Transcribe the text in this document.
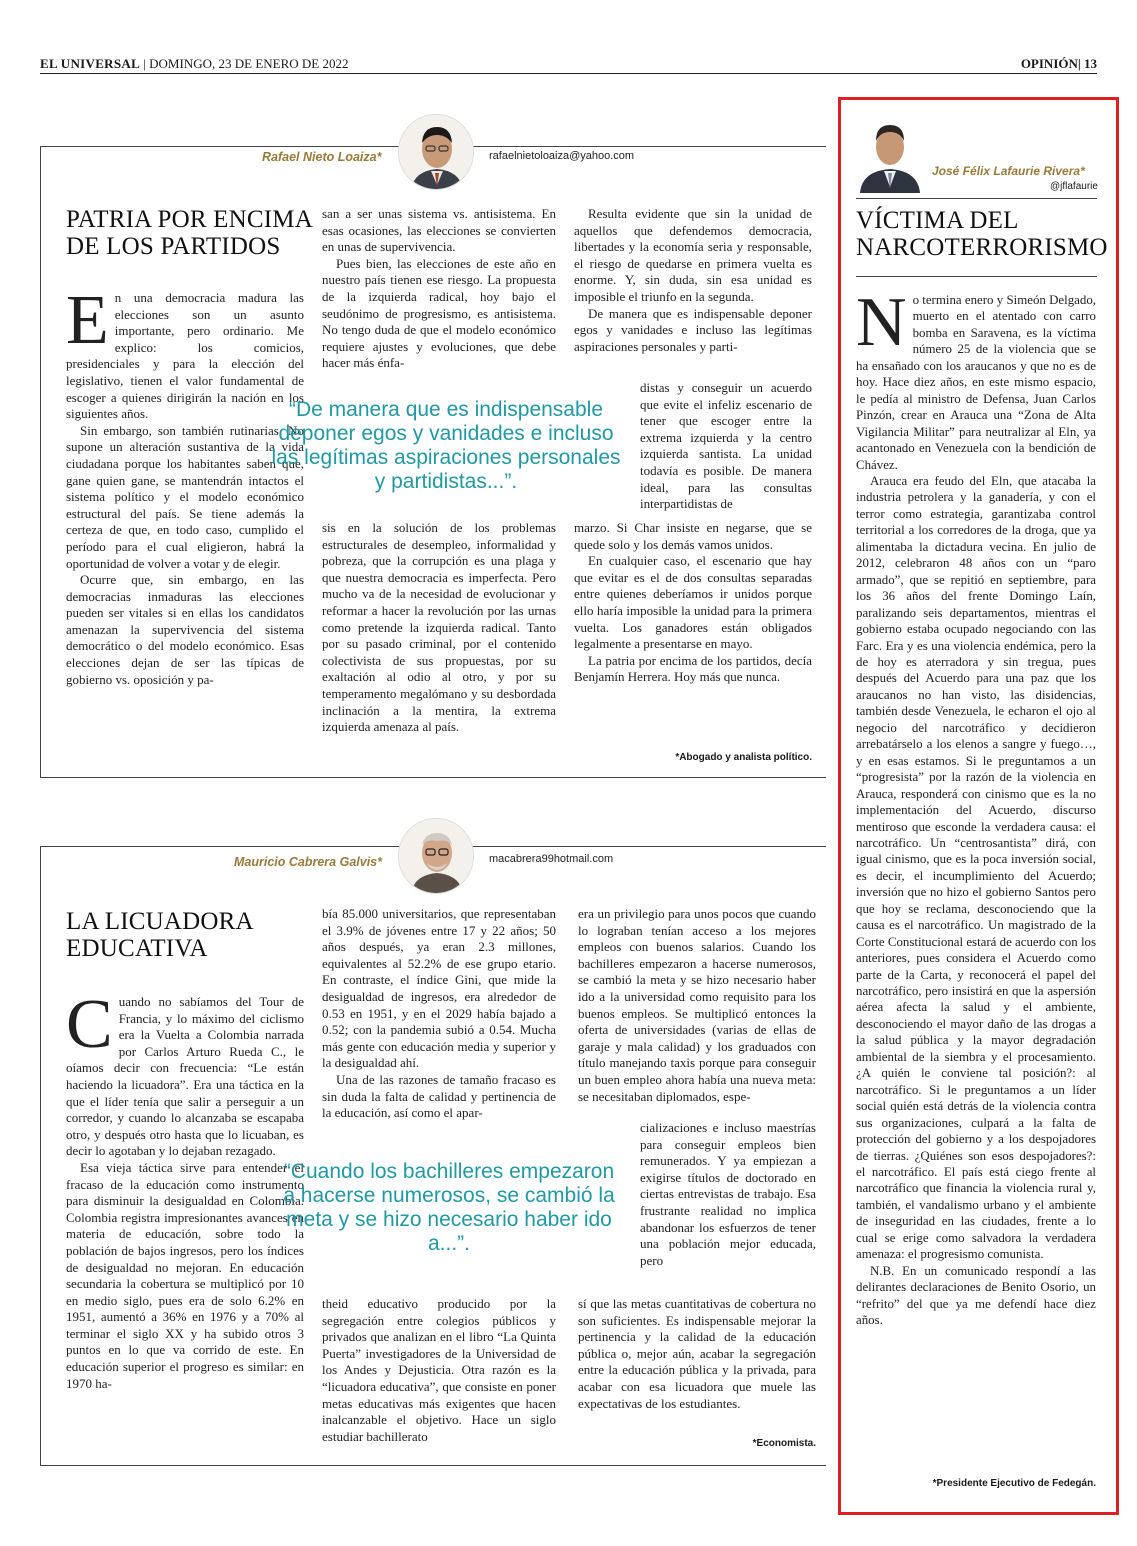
EL UNIVERSAL | DOMINGO, 23 DE ENERO DE 2022	OPINIÓN| 13
Rafael Nieto Loaiza*	rafaelnietoloaiza@yahoo.com
PATRIA POR ENCIMA
DE LOS PARTIDOS

En una democracia madura las elecciones son un asunto importante, pero ordinario. Me explico: los comicios, presidenciales y para la elección del legislativo, tienen el valor fundamental de escoger a quienes dirigirán la nación en los siguientes años.

Sin embargo, son también rutinarias. No supone un alteración sustantiva de la vida ciudadana porque los habitantes saben que, gane quien gane, se mantendrán intactos el sistema político y el modelo económico estructural del país. Se tiene además la certeza de que, en todo caso, cumplido el período para el cual eligieron, habrá la oportunidad de volver a votar y de elegir.

Ocurre que, sin embargo, en las democracias inmaduras las elecciones pueden ser vitales si en ellas los candidatos amenazan la supervivencia del sistema democrático o del modelo económico. Esas elecciones dejan de ser las típicas de gobierno vs. oposición y pa-

san a ser unas sistema vs. antisistema. En esas ocasiones, las elecciones se convierten en unas de supervivencia.

Pues bien, las elecciones de este año en nuestro país tienen ese riesgo. La propuesta de la izquierda radical, hoy bajo el seudónimo de progresismo, es antisistema. No tengo duda de que el modelo económico requiere ajustes y evoluciones, que debe hacer más énfa-

“De manera que es indispensable deponer egos y vanidades e incluso las legítimas aspiraciones personales y partidistas...”.

sis en la solución de los problemas estructurales de desempleo, informalidad y pobreza, que la corrupción es una plaga y que nuestra democracia es imperfecta. Pero mucho va de la necesidad de evolucionar y reformar a hacer la revolución por las urnas como pretende la izquierda radical. Tanto por su pasado criminal, por el contenido colectivista de sus propuestas, por su exaltación al odio al otro, y por su temperamento megalómano y su desbordada inclinación a la mentira, la extrema izquierda amenaza al país.

Resulta evidente que sin la unidad de aquellos que defendemos democracia, libertades y la economía seria y responsable, el riesgo de quedarse en primera vuelta es enorme. Y, sin duda, sin esa unidad es imposible el triunfo en la segunda.

De manera que es indispensable deponer egos y vanidades e incluso las legítimas aspiraciones personales y parti-

distas y conseguir un acuerdo que evite el infeliz escenario de tener que escoger entre la extrema izquierda y la centro izquierda santista. La unidad todavía es posible. De manera ideal, para las consultas interpartidistas de

marzo. Si Char insiste en negarse, que se quede solo y los demás vamos unidos.

En cualquier caso, el escenario que hay que evitar es el de dos consultas separadas entre quienes deberíamos ir unidos porque ello haría imposible la unidad para la primera vuelta. Los ganadores están obligados legalmente a presentarse en mayo.

La patria por encima de los partidos, decía Benjamín Herrera. Hoy más que nunca.

*Abogado y analista político.
Mauricio Cabrera Galvis*	macabrera99hotmail.com
LA LICUADORA
EDUCATIVA

Cuando no sabíamos del Tour de Francia, y lo máximo del ciclismo era la Vuelta a Colombia narrada por Carlos Arturo Rueda C., le oíamos decir con frecuencia: “Le están haciendo la licuadora”. Era una táctica en la que el líder tenía que salir a perseguir a un corredor, y cuando lo alcanzaba se escapaba otro, y después otro hasta que lo licuaban, es decir lo agotaban y lo dejaban rezagado.

Esa vieja táctica sirve para entender el fracaso de la educación como instrumento para disminuir la desigualdad en Colombia. Colombia registra impresionantes avances en materia de educación, sobre todo la población de bajos ingresos, pero los índices de desigualdad no mejoran. En educación secundaria la cobertura se multiplicó por 10 en medio siglo, pues era de solo 6.2% en 1951, aumentó a 36% en 1976 y a 70% al terminar el siglo XX y ha subido otros 3 puntos en lo que va corrido de este. En educación superior el progreso es similar: en 1970 ha-

bía 85.000 universitarios, que representaban el 3.9% de jóvenes entre 17 y 22 años; 50 años después, ya eran 2.3 millones, equivalentes al 52.2% de ese grupo etario. En contraste, el índice Gini, que mide la desigualdad de ingresos, era alrededor de 0.53 en 1951, y en el 2029 había bajado a 0.52; con la pandemia subió a 0.54. Mucha más gente con educación media y superior y la desigualdad ahí.

Una de las razones de tamaño fracaso es sin duda la falta de calidad y pertinencia de la educación, así como el apar-

“Cuando los bachilleres empezaron a hacerse numerosos, se cambió la meta y se hizo necesario haber ido a...”.

theid educativo producido por la segregación entre colegios públicos y privados que analizan en el libro “La Quinta Puerta” investigadores de la Universidad de los Andes y Dejusticia. Otra razón es la “licuadora educativa”, que consiste en poner metas educativas más exigentes que hacen inalcanzable el objetivo. Hace un siglo estudiar bachillerato

era un privilegio para unos pocos que cuando lo lograban tenían acceso a los mejores empleos con buenos salarios. Cuando los bachilleres empezaron a hacerse numerosos, se cambió la meta y se hizo necesario haber ido a la universidad como requisito para los buenos empleos. Se multiplicó entonces la oferta de universidades (varias de ellas de garaje y mala calidad) y los graduados con título manejando taxis porque para conseguir un buen empleo ahora había una nueva meta: se necesitaban diplomados, espe-

cializaciones e incluso maestrías para conseguir empleos bien remunerados. Y ya empiezan a exigirse títulos de doctorado en ciertas entrevistas de trabajo. Esa frustrante realidad no implica abandonar los esfuerzos de tener una población mejor educada, pero

sí que las metas cuantitativas de cobertura no son suficientes. Es indispensable mejorar la pertinencia y la calidad de la educación pública o, mejor aún, acabar la segregación entre la educación pública y la privada, para acabar con esa licuadora que muele las expectativas de los estudiantes.

*Economista.
José Félix Lafaurie Rivera*
@jflafaurie
VÍCTIMA DEL
NARCOTERRORISMO

No termina enero y Simeón Delgado, muerto en el atentado con carro bomba en Saravena, es la víctima número 25 de la violencia que se ha ensañado con los araucanos y que no es de hoy. Hace diez años, en este mismo espacio, le pedía al ministro de Defensa, Juan Carlos Pinzón, crear en Arauca una “Zona de Alta Vigilancia Militar” para neutralizar al Eln, ya acantonado en Venezuela con la bendición de Chávez.

Arauca era feudo del Eln, que atacaba la industria petrolera y la ganadería, y con el terror como estrategia, garantizaba control territorial a los corredores de la droga, que ya alimentaba la dictadura vecina. En julio de 2012, celebraron 48 años con un “paro armado”, que se repitió en septiembre, para los 36 años del frente Domingo Laín, paralizando seis departamentos, mientras el gobierno estaba ocupado negociando con las Farc. Era y es una violencia endémica, pero la de hoy es aterradora y sin tregua, pues después del Acuerdo para una paz que los araucanos no han visto, las disidencias, también desde Venezuela, le echaron el ojo al negocio del narcotráfico y decidieron arrebatárselo a los elenos a sangre y fuego…, y en esas estamos. Si le preguntamos a un “progresista” por la razón de la violencia en Arauca, responderá con cinismo que es la no implementación del Acuerdo, discurso mentiroso que esconde la verdadera causa: el narcotráfico. Un “centrosantista” dirá, con igual cinismo, que es la poca inversión social, es decir, el incumplimiento del Acuerdo; inversión que no hizo el gobierno Santos pero que hoy se reclama, desconociendo que la causa es el narcotráfico. Un magistrado de la Corte Constitucional estará de acuerdo con los anteriores, pues considera el Acuerdo como parte de la Carta, y reconocerá el papel del narcotráfico, pero insistirá en que la aspersión aérea afecta la salud y el ambiente, desconociendo el mayor daño de las drogas a la salud pública y la mayor degradación ambiental de la siembra y el procesamiento. ¿A quién le conviene tal posición?: al narcotráfico. Si le preguntamos a un líder social quién está detrás de la violencia contra sus organizaciones, culpará a la falta de protección del gobierno y a los despojadores de tierras. ¿Quiénes son esos despojadores?: el narcotráfico. El país está ciego frente al narcotráfico que financia la violencia rural y, también, el vandalismo urbano y el ambiente de inseguridad en las ciudades, frente a lo cual se erige como salvadora la verdadera amenaza: el progresismo comunista.

N.B. En un comunicado respondí a las delirantes declaraciones de Benito Osorio, un “refrito” del que ya me defendí hace diez años.

*Presidente Ejecutivo de Fedegán.
